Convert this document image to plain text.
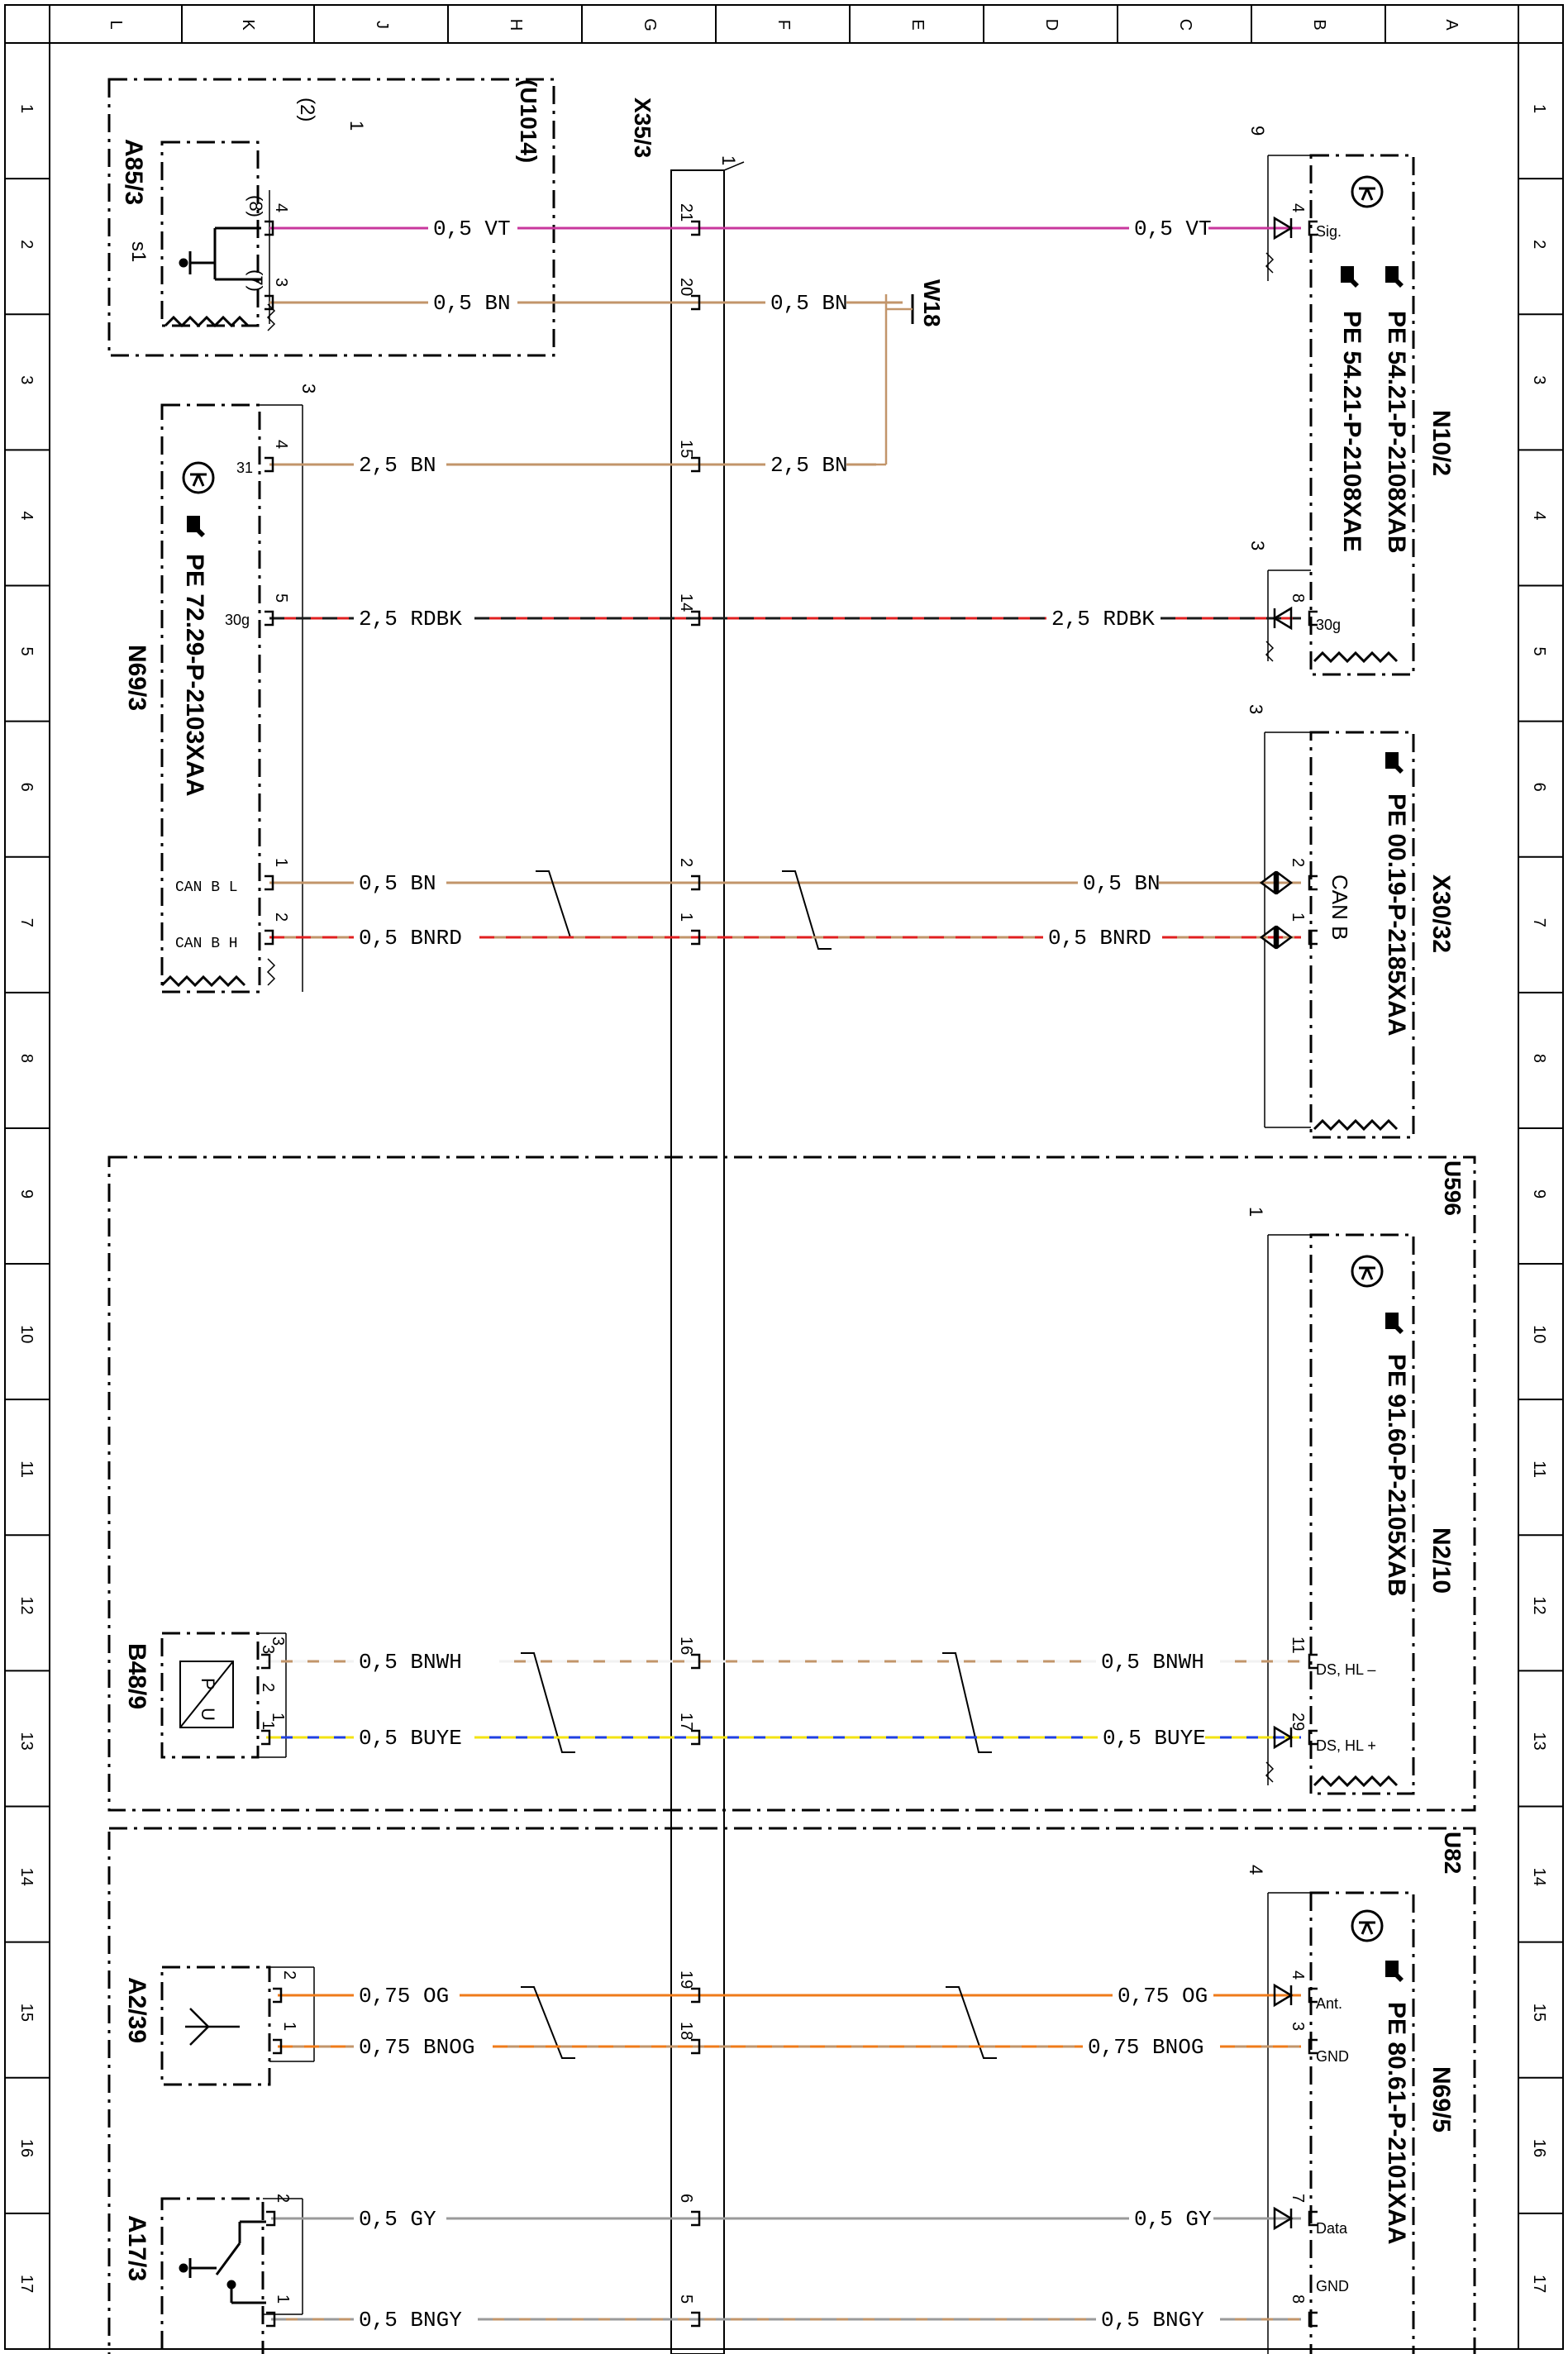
L	K	J	H	G	F	E	D	C	B	A
1	1
2	2
3	3
4	4
5	5
6	6
7	7
8	8
9	9
10	10
11	11
12	12
13	13
14	14
15	15
16	16
17	17
X35/3
1
A85/3
s1
(U1014)
1
(2)
3
N69/3 PE 72.29-P-2103XAA
31
30g
CAN B L
CAN B H
W18
9
3
N10/2
PE 54.21-P-2108XAB
PE 54.21-P-2108XAE
Sig.
30g
3
X30/32
PE 00.19-P-2185XAA
CAN B
U596
1
N2/10
PE 91.60-P-2105XAB
DS, HL –
DS, HL +
B48/9	P
U
3
2
1
U82
4
N69/5
PE 80.61-P-2101XAA
Ant.
GND
Data
GND
A2/39
A17/3
0,5 VT	0,5 VT
4
(8)	21	4
0,5 BN	0,5 BN
3
(7)	20
2,5 BN	2,5 BN
4	15
2,5 RDBK	2,5 RDBK
5	14	8
0,5 BN	0,5 BN
1	2	2
0,5 BNRD	0,5 BNRD
2	1	1
0,5 BNWH	0,5 BNWH
3	16	11
0,5 BUYE	0,5 BUYE
1	17	29
0,75 OG	0,75 OG
2	19	4
0,75 BNOG	0,75 BNOG
1	18	3
0,5 GY	0,5 GY
2	6	7
0,5 BNGY	0,5 BNGY
1	5	8
